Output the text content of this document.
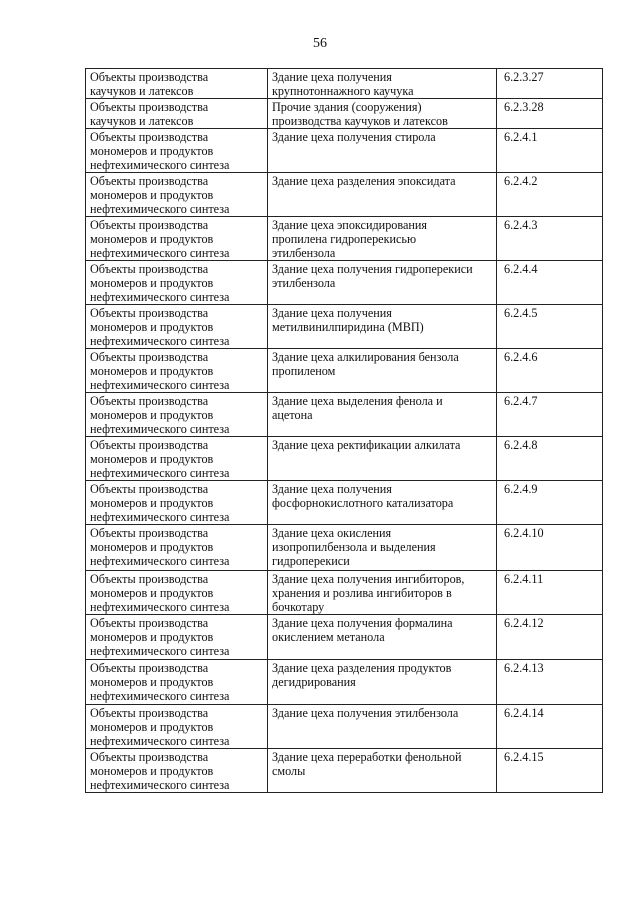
56
Объекты производства
каучуков и латексов	Здание цеха получения
крупнотоннажного каучука	6.2.3.27

Объекты производства
каучуков и латексов	Прочие здания (сооружения)
производства каучуков и латексов	6.2.3.28

Объекты производства
мономеров и продуктов
нефтехимического синтеза	Здание цеха получения стирола	6.2.4.1

Объекты производства
мономеров и продуктов
нефтехимического синтеза	Здание цеха разделения эпоксидата	6.2.4.2

Объекты производства
мономеров и продуктов
нефтехимического синтеза	Здание цеха эпоксидирования
пропилена гидроперекисью
этилбензола	6.2.4.3

Объекты производства
мономеров и продуктов
нефтехимического синтеза	Здание цеха получения гидроперекиси
этилбензола	6.2.4.4

Объекты производства
мономеров и продуктов
нефтехимического синтеза	Здание цеха получения
метилвинилпиридина (МВП)	6.2.4.5

Объекты производства
мономеров и продуктов
нефтехимического синтеза	Здание цеха алкилирования бензола
пропиленом	6.2.4.6

Объекты производства
мономеров и продуктов
нефтехимического синтеза	Здание цеха выделения фенола и
ацетона	6.2.4.7

Объекты производства
мономеров и продуктов
нефтехимического синтеза	Здание цеха ректификации алкилата	6.2.4.8

Объекты производства
мономеров и продуктов
нефтехимического синтеза	Здание цеха получения
фосфорнокислотного катализатора	6.2.4.9

Объекты производства
мономеров и продуктов
нефтехимического синтеза	Здание цеха окисления
изопропилбензола и выделения
гидроперекиси	6.2.4.10

Объекты производства
мономеров и продуктов
нефтехимического синтеза	Здание цеха получения ингибиторов,
хранения и розлива ингибиторов в
бочкотару	6.2.4.11

Объекты производства
мономеров и продуктов
нефтехимического синтеза	Здание цеха получения формалина
окислением метанола	6.2.4.12

Объекты производства
мономеров и продуктов
нефтехимического синтеза	Здание цеха разделения продуктов
дегидрирования	6.2.4.13

Объекты производства
мономеров и продуктов
нефтехимического синтеза	Здание цеха получения этилбензола	6.2.4.14

Объекты производства
мономеров и продуктов
нефтехимического синтеза	Здание цеха переработки фенольной
смолы	6.2.4.15
